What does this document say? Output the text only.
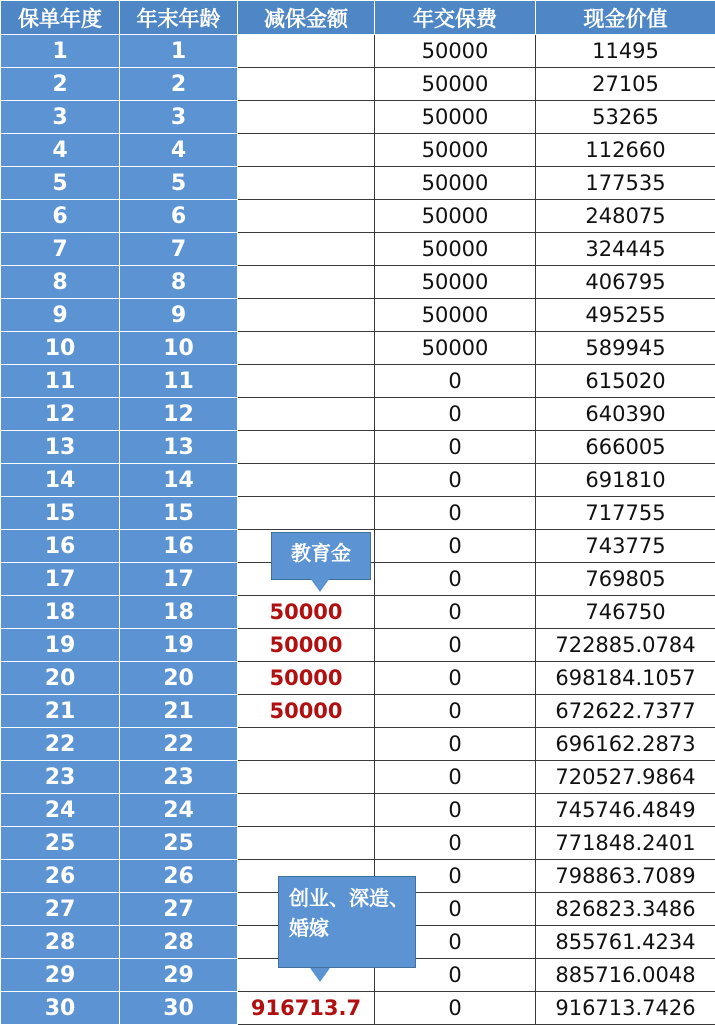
保单年度	年末年龄	减保金额	年交保费	现金价值
1	1		50000	11495
2	2		50000	27105
3	3		50000	53265
4	4		50000	112660
5	5		50000	177535
6	6		50000	248075
7	7		50000	324445
8	8		50000	406795
9	9		50000	495255
10	10		50000	589945
11	11		0	615020
12	12		0	640390
13	13		0	666005
14	14		0	691810
15	15		0	717755
16	16		0	743775
17	17		0	769805
18	18	50000	0	746750
19	19	50000	0	722885.0784
20	20	50000	0	698184.1057
21	21	50000	0	672622.7377
22	22		0	696162.2873
23	23		0	720527.9864
24	24		0	745746.4849
25	25		0	771848.2401
26	26		0	798863.7089
27	27		0	826823.3486
28	28		0	855761.4234
29	29		0	885716.0048
30	30	916713.7	0	916713.7426
教育金
创业、深造、
婚嫁
